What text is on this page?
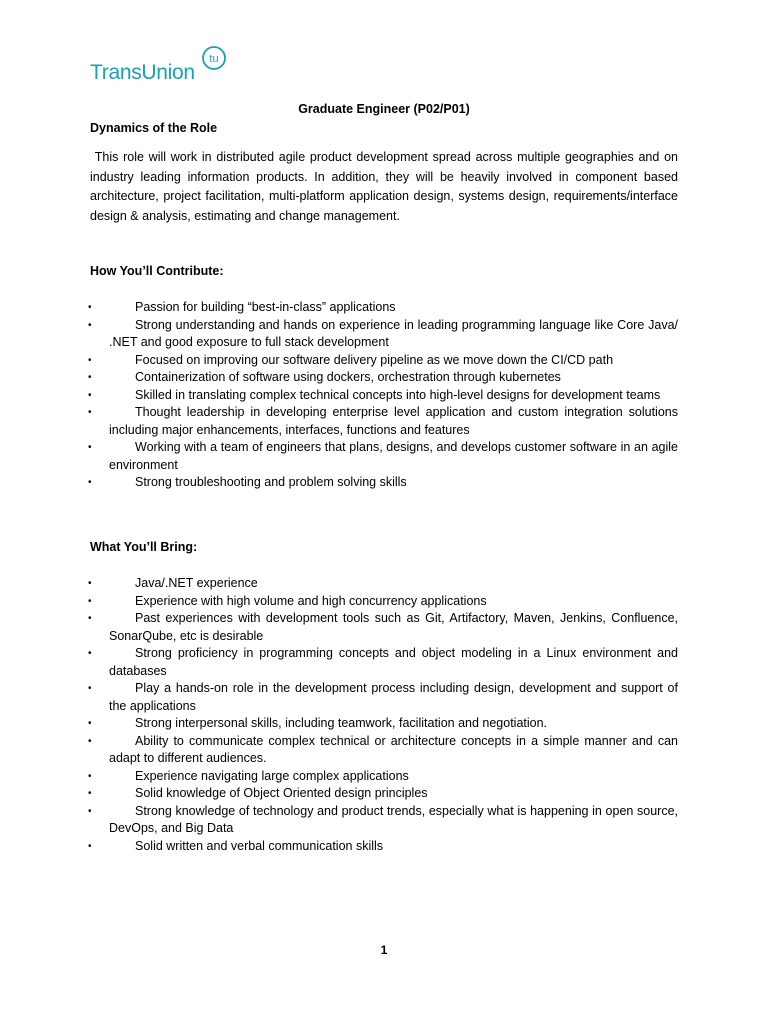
TransUnion
tu
Graduate Engineer (P02/P01)
Dynamics of the Role

This role will work in distributed agile product development spread across multiple geographies and on industry leading information products. In addition, they will be heavily involved in component based architecture, project facilitation, multi-platform application design, systems design, requirements/interface design & analysis, estimating and change management.

How You’ll Contribute:
•	Passion for building “best-in-class” applications
•	Strong understanding and hands on experience in leading programming language like Core Java/ .NET and good exposure to full stack development
•	Focused on improving our software delivery pipeline as we move down the CI/CD path
•	Containerization of software using dockers, orchestration through kubernetes
•	Skilled in translating complex technical concepts into high-level designs for development teams
•	Thought leadership in developing enterprise level application and custom integration solutions including major enhancements, interfaces, functions and features
•	Working with a team of engineers that plans, designs, and develops customer software in an agile environment
•	Strong troubleshooting and problem solving skills
What You’ll Bring:
•	Java/.NET experience
•	Experience with high volume and high concurrency applications
•	Past experiences with development tools such as Git, Artifactory, Maven, Jenkins, Confluence, SonarQube, etc is desirable
•	Strong proficiency in programming concepts and object modeling in a Linux environment and databases
•	Play a hands-on role in the development process including design, development and support of the applications
•	Strong interpersonal skills, including teamwork, facilitation and negotiation.
•	Ability to communicate complex technical or architecture concepts in a simple manner and can adapt to different audiences.
•	Experience navigating large complex applications
•	Solid knowledge of Object Oriented design principles
•	Strong knowledge of technology and product trends, especially what is happening in open source, DevOps, and Big Data
•	Solid written and verbal communication skills
1
